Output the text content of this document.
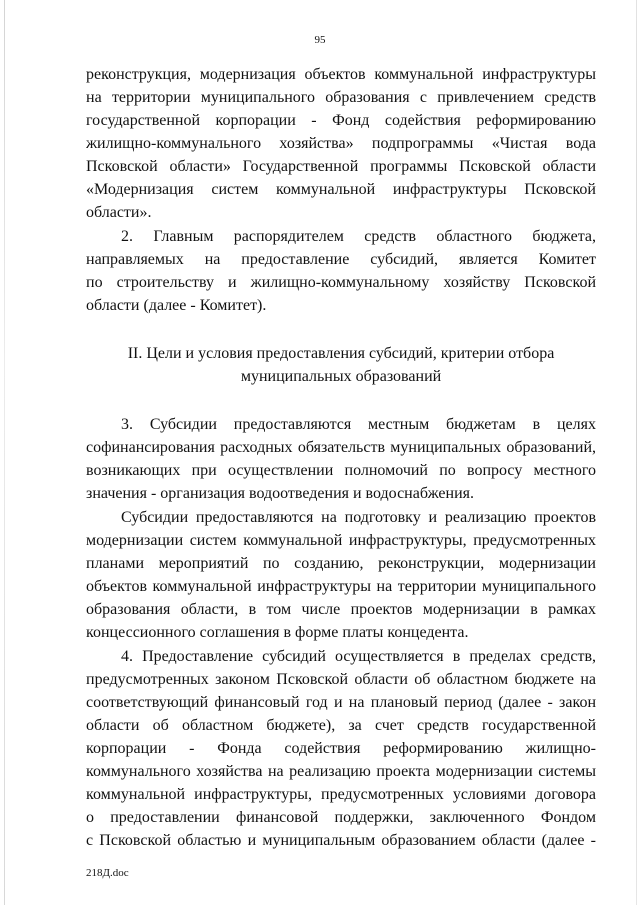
95
реконструкция, модернизация объектов коммунальной инфраструктуры
на территории муниципального образования с привлечением средств
государственной корпорации - Фонд содействия реформированию
жилищно-коммунального хозяйства» подпрограммы «Чистая вода
Псковской области» Государственной программы Псковской области
«Модернизация систем коммунальной инфраструктуры Псковской
области».
2. Главным распорядителем средств областного бюджета,
направляемых на предоставление субсидий, является Комитет
по строительству и жилищно-коммунальному хозяйству Псковской
области (далее - Комитет).
II. Цели и условия предоставления субсидий, критерии отбора
муниципальных образований
3. Субсидии предоставляются местным бюджетам в целях
софинансирования расходных обязательств муниципальных образований,
возникающих при осуществлении полномочий по вопросу местного
значения - организация водоотведения и водоснабжения.
Субсидии предоставляются на подготовку и реализацию проектов
модернизации систем коммунальной инфраструктуры, предусмотренных
планами мероприятий по созданию, реконструкции, модернизации
объектов коммунальной инфраструктуры на территории муниципального
образования области, в том числе проектов модернизации в рамках
концессионного соглашения в форме платы концедента.
4. Предоставление субсидий осуществляется в пределах средств,
предусмотренных законом Псковской области об областном бюджете на
соответствующий финансовый год и на плановый период (далее - закон
области об областном бюджете), за счет средств государственной
корпорации - Фонда содействия реформированию жилищно-
коммунального хозяйства на реализацию проекта модернизации системы
коммунальной инфраструктуры, предусмотренных условиями договора
о предоставлении финансовой поддержки, заключенного Фондом
с Псковской областью и муниципальным образованием области (далее -
218Д.doc
